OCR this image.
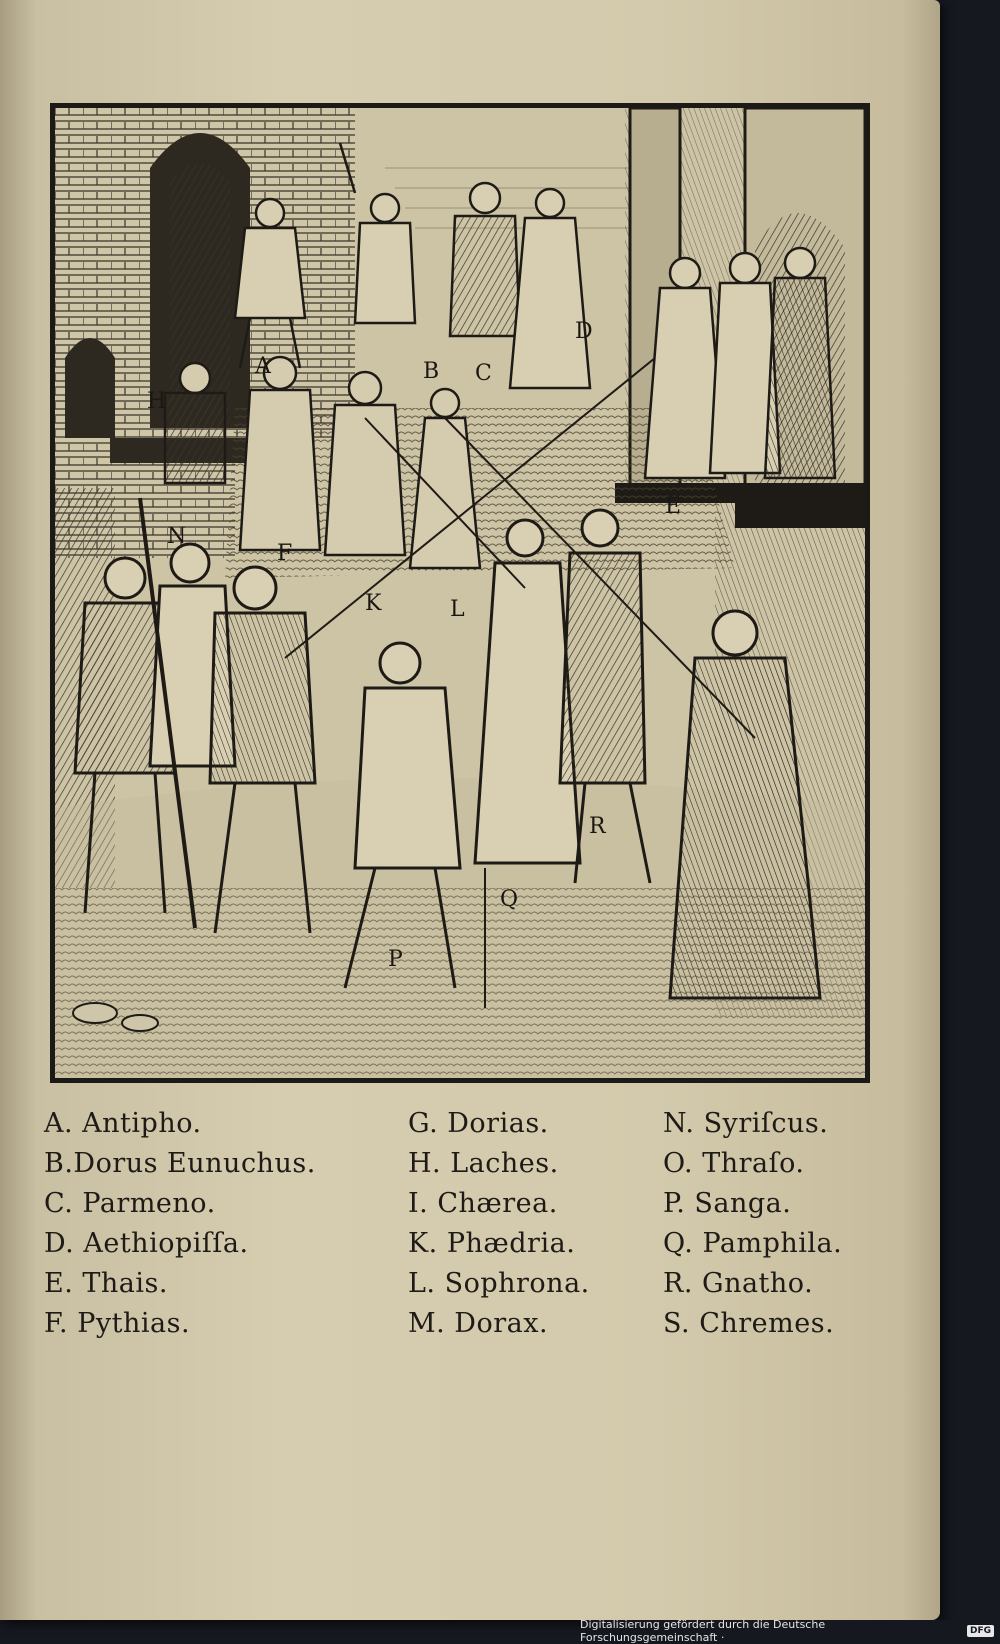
A	B C
D
E
F
H
K	L
N
P
Q
R
A. Antipho.
B.Dorus Eunuchus.
C. Parmeno.
D. Aethiopiſſa.
E. Thais.
F. Pythias.
G. Dorias.
H. Laches.
I. Chærea.
K. Phædria.
L. Sophrona.
M. Dorax.
N. Syriſcus.
O. Thraſo.
P. Sanga.
Q. Pamphila.
R. Gnatho.
S. Chremes.
Digitalisierung gefördert durch die Deutsche Forschungsgemeinschaft ·	DFG
